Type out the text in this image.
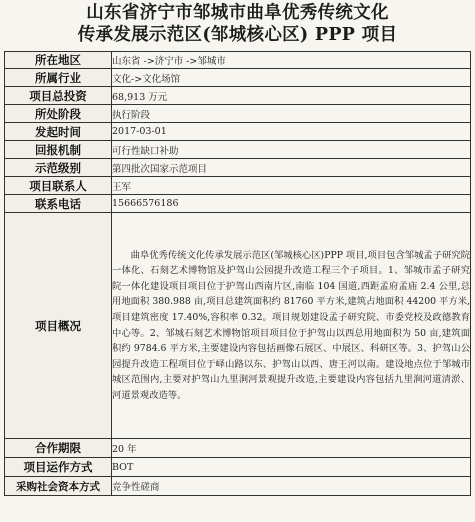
山东省济宁市邹城市曲阜优秀传统文化
传承发展示范区(邹城核心区) PPP 项目
所在地区	山东省 ->济宁市 ->邹城市
所属行业	文化->文化场馆
项目总投资	68,913 万元
所处阶段	执行阶段
发起时间	2017-03-01
回报机制	可行性缺口补助
示范级别	第四批次国家示范项目
项目联系人	王军
联系电话	15666576186
项目概况	曲阜优秀传统文化传承发展示范区(邹城核心区)PPP 项目,项目包含邹城孟子研究院一体化、石刻艺术博物馆及护驾山公园提升改造工程三个子项目。1、邹城市孟子研究院一体化建设项目项目位于护驾山西南片区,南临 104 国道,西距孟府孟庙 2.4 公里,总用地面积 380.988 亩,项目总建筑面积约 81760 平方米,建筑占地面积 44200 平方米,项目建筑密度 17.40%,容积率 0.32。项目规划建设孟子研究院、市委党校及政德教育中心等。2、邹城石刻艺术博物馆项目项目位于护驾山以西总用地面积为 50 亩,建筑面积约 9784.6 平方米,主要建设内容包括画像石展区、中展区、科研区等。3、护驾山公园提升改造工程项目位于峄山路以东、护驾山以西、唐王河以南。建设地点位于邹城市城区范围内,主要对护驾山九里涧河景观提升改造,主要建设内容包括九里涧河道清淤、河道景观改造等。

合作期限	20 年
项目运作方式	BOT
采购社会资本方式	竞争性磋商
